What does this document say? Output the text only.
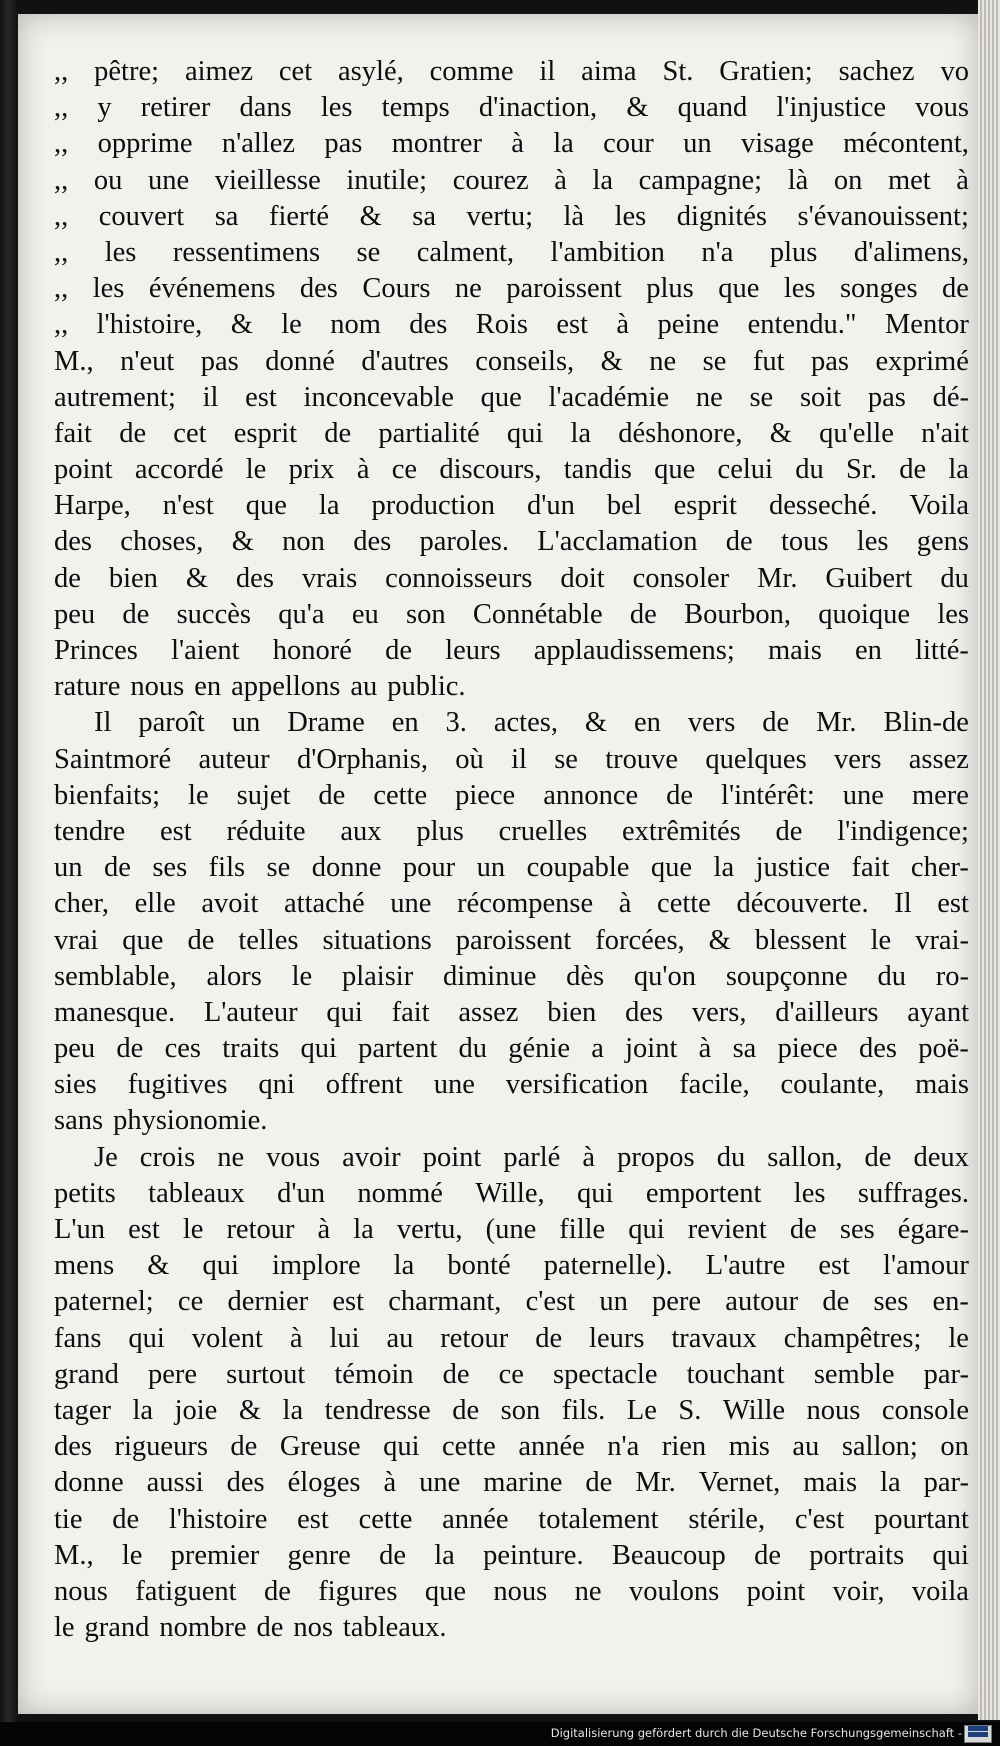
,, pêtre; aimez cet asylé, comme il aima St. Gratien; sachez vo
,, y retirer dans les temps d'inaction, & quand l'injustice vous
,, opprime n'allez pas montrer à la cour un visage mécontent,
,, ou une vieillesse inutile; courez à la campagne; là on met à
,, couvert sa fierté & sa vertu; là les dignités s'évanouissent;
,, les ressentimens se calment, l'ambition n'a plus d'alimens,
,, les événemens des Cours ne paroissent plus que les songes de
,, l'histoire, & le nom des Rois est à peine entendu." Mentor
M., n'eut pas donné d'autres conseils, & ne se fut pas exprimé
autrement; il est inconcevable que l'académie ne se soit pas dé-
fait de cet esprit de partialité qui la déshonore, & qu'elle n'ait
point accordé le prix à ce discours, tandis que celui du Sr. de la
Harpe, n'est que la production d'un bel esprit desseché. Voila
des choses, & non des paroles. L'acclamation de tous les gens
de bien & des vrais connoisseurs doit consoler Mr. Guibert du
peu de succès qu'a eu son Connétable de Bourbon, quoique les
Princes l'aient honoré de leurs applaudissemens; mais en litté-
rature nous en appellons au public.
Il paroît un Drame en 3. actes, & en vers de Mr. Blin-de
Saintmoré auteur d'Orphanis, où il se trouve quelques vers assez
bienfaits; le sujet de cette piece annonce de l'intérêt: une mere
tendre est réduite aux plus cruelles extrêmités de l'indigence;
un de ses fils se donne pour un coupable que la justice fait cher-
cher, elle avoit attaché une récompense à cette découverte. Il est
vrai que de telles situations paroissent forcées, & blessent le vrai-
semblable, alors le plaisir diminue dès qu'on soupçonne du ro-
manesque. L'auteur qui fait assez bien des vers, d'ailleurs ayant
peu de ces traits qui partent du génie a joint à sa piece des poë-
sies fugitives qni offrent une versification facile, coulante, mais
sans physionomie.
Je crois ne vous avoir point parlé à propos du sallon, de deux
petits tableaux d'un nommé Wille, qui emportent les suffrages.
L'un est le retour à la vertu, (une fille qui revient de ses égare-
mens & qui implore la bonté paternelle). L'autre est l'amour
paternel; ce dernier est charmant, c'est un pere autour de ses en-
fans qui volent à lui au retour de leurs travaux champêtres; le
grand pere surtout témoin de ce spectacle touchant semble par-
tager la joie & la tendresse de son fils. Le S. Wille nous console
des rigueurs de Greuse qui cette année n'a rien mis au sallon; on
donne aussi des éloges à une marine de Mr. Vernet, mais la par-
tie de l'histoire est cette année totalement stérile, c'est pourtant
M., le premier genre de la peinture. Beaucoup de portraits qui
nous fatiguent de figures que nous ne voulons point voir, voila
le grand nombre de nos tableaux.
Digitalisierung gefördert durch die Deutsche Forschungsgemeinschaft -
